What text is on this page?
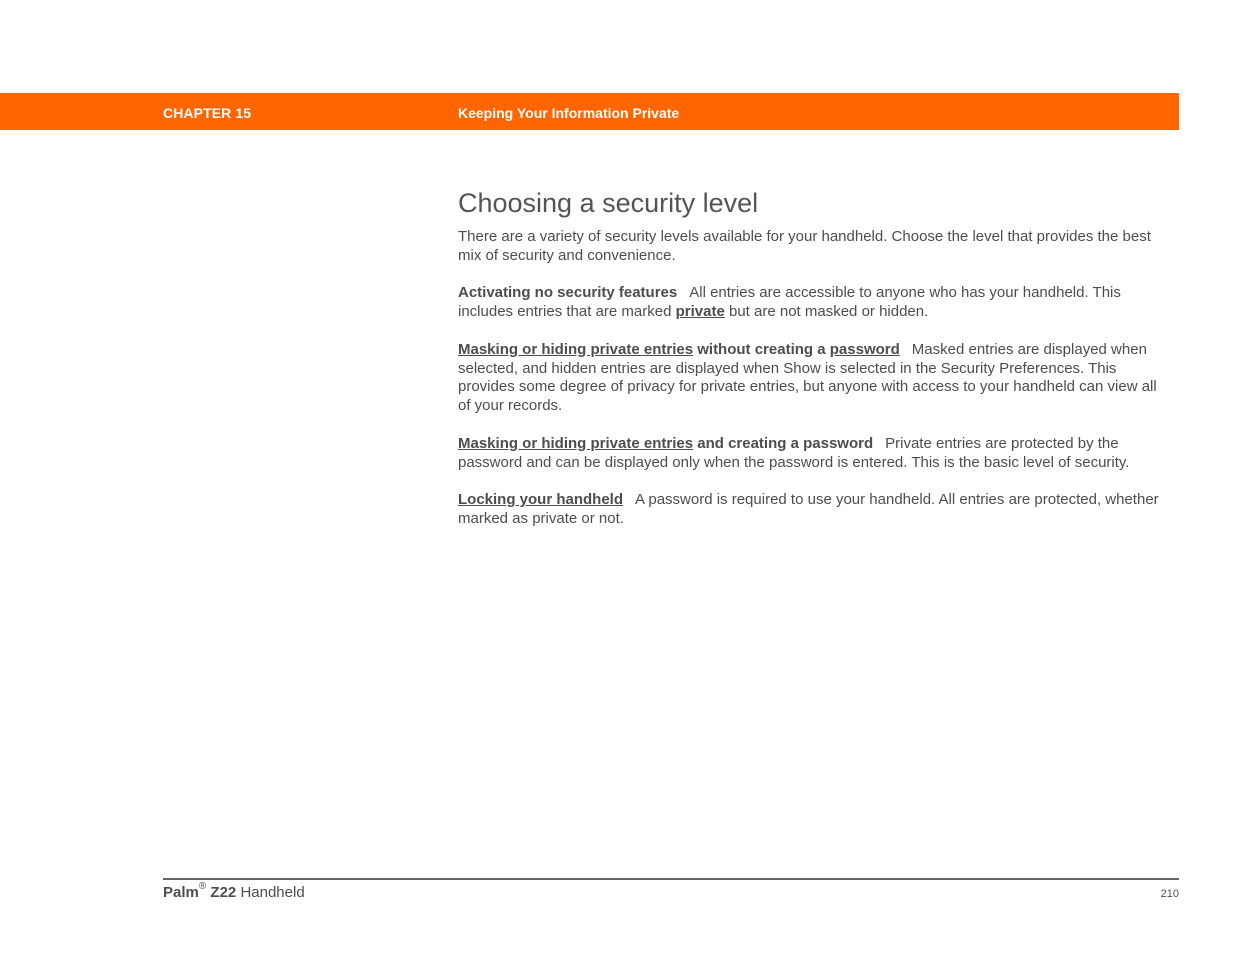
CHAPTER 15	Keeping Your Information Private
Choosing a security level

There are a variety of security levels available for your handheld. Choose the level that provides the best mix of security and convenience.

Activating no security features All entries are accessible to anyone who has your handheld. This includes entries that are marked private but are not masked or hidden.

Masking or hiding private entries without creating a password Masked entries are displayed when selected, and hidden entries are displayed when Show is selected in the Security Preferences. This provides some degree of privacy for private entries, but anyone with access to your handheld can view all of your records.

Masking or hiding private entries and creating a password Private entries are protected by the password and can be displayed only when the password is entered. This is the basic level of security.

Locking your handheld A password is required to use your handheld. All entries are protected, whether marked as private or not.

Palm® Z22 Handheld	210
